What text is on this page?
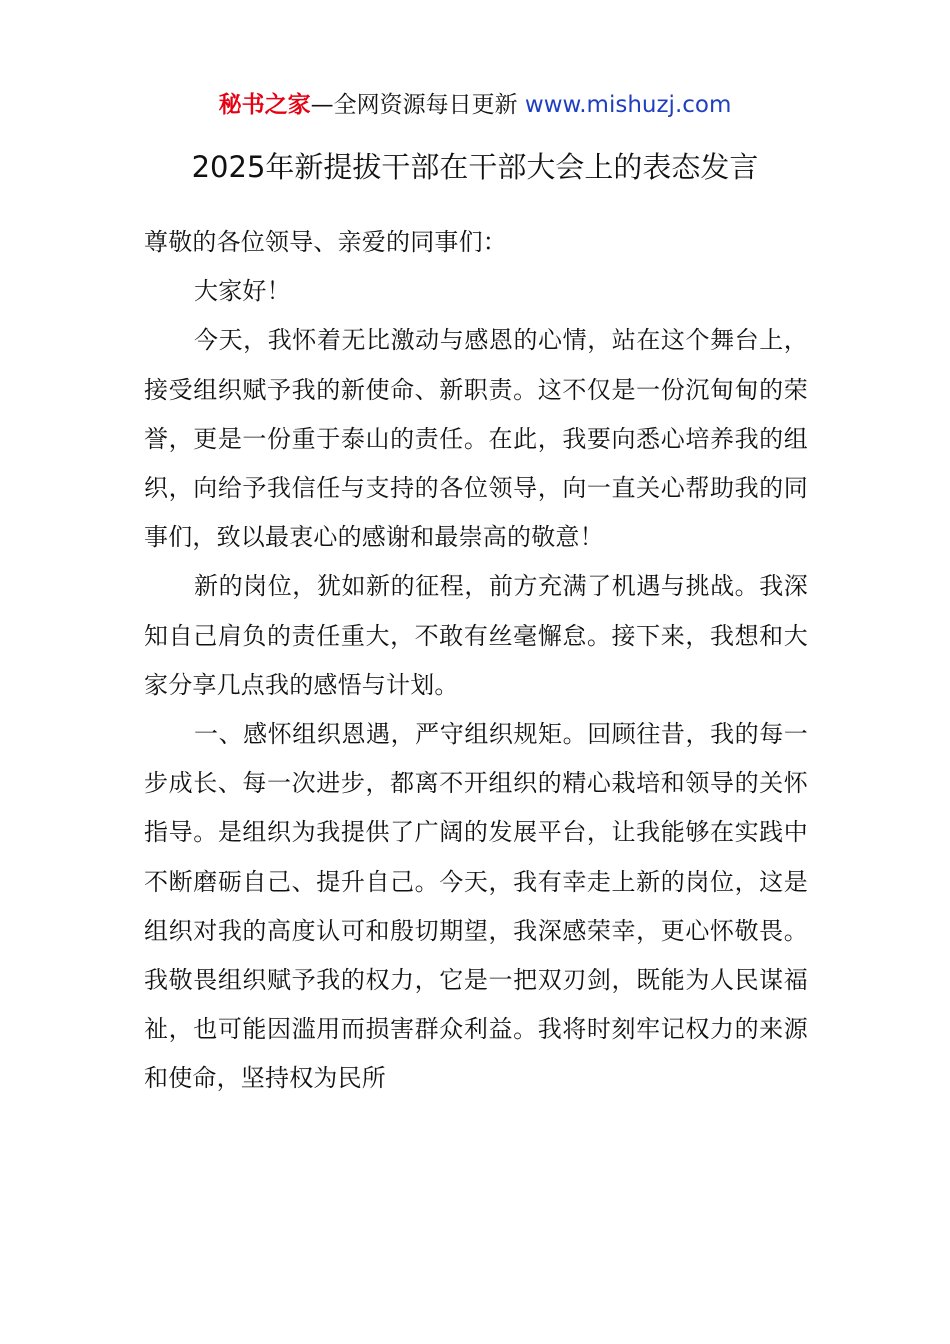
秘书之家—全网资源每日更新 www.mishuzj.com
2025年新提拔干部在干部大会上的表态发言

尊敬的各位领导、亲爱的同事们：

大家好！

今天，我怀着无比激动与感恩的心情，站在这个舞台上，接受组织赋予我的新使命、新职责。这不仅是一份沉甸甸的荣誉，更是一份重于泰山的责任。在此，我要向悉心培养我的组织，向给予我信任与支持的各位领导，向一直关心帮助我的同事们，致以最衷心的感谢和最崇高的敬意！

新的岗位，犹如新的征程，前方充满了机遇与挑战。我深知自己肩负的责任重大，不敢有丝毫懈怠。接下来，我想和大家分享几点我的感悟与计划。

一、感怀组织恩遇，严守组织规矩。回顾往昔，我的每一步成长、每一次进步，都离不开组织的精心栽培和领导的关怀指导。是组织为我提供了广阔的发展平台，让我能够在实践中不断磨砺自己、提升自己。今天，我有幸走上新的岗位，这是组织对我的高度认可和殷切期望，我深感荣幸，更心怀敬畏。我敬畏组织赋予我的权力，它是一把双刃剑，既能为人民谋福祉，也可能因滥用而损害群众利益。我将时刻牢记权力的来源和使命，坚持权为民所
